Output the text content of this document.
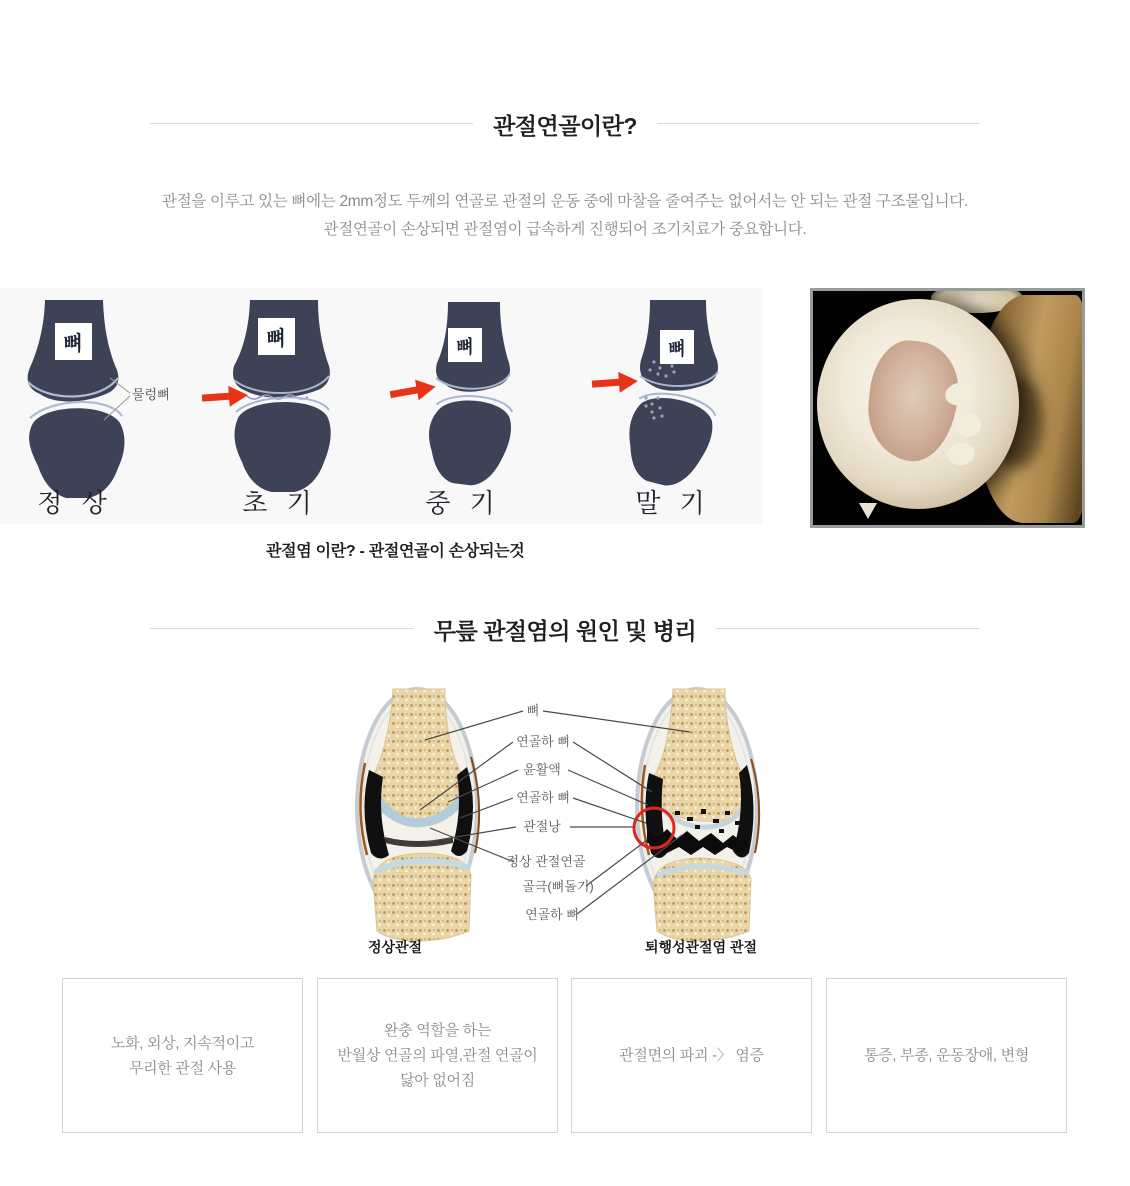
관절연골이란?

관절을 이루고 있는 뼈에는 2mm정도 두께의 연골로 관절의 운동 중에 마찰을 줄여주는 없어서는 안 되는 관절 구조물입니다.

관절연골이 손상되면 관절염이 급속하게 진행되어 조기치료가 중요합니다.

뼈
물렁뼈
정 상
뼈
초 기
뼈
중 기
뼈
말 기

관절염 이란? - 관절연골이 손상되는것

무릎 관절염의 원인 및 병리
뼈
연골하 뼈
윤활액
연골하 뼈
관절낭
정상 관절연골
골극(뼈돌기)
연골하 뼈
정상관절	퇴행성관절염 관절
노화, 외상, 지속적이고
무리한 관절 사용
완충 역할을 하는
반월상 연골의 파열,관절 연골이
닳아 없어짐
관절면의 파괴 -〉 염증	통증, 부종, 운동장애, 변형
